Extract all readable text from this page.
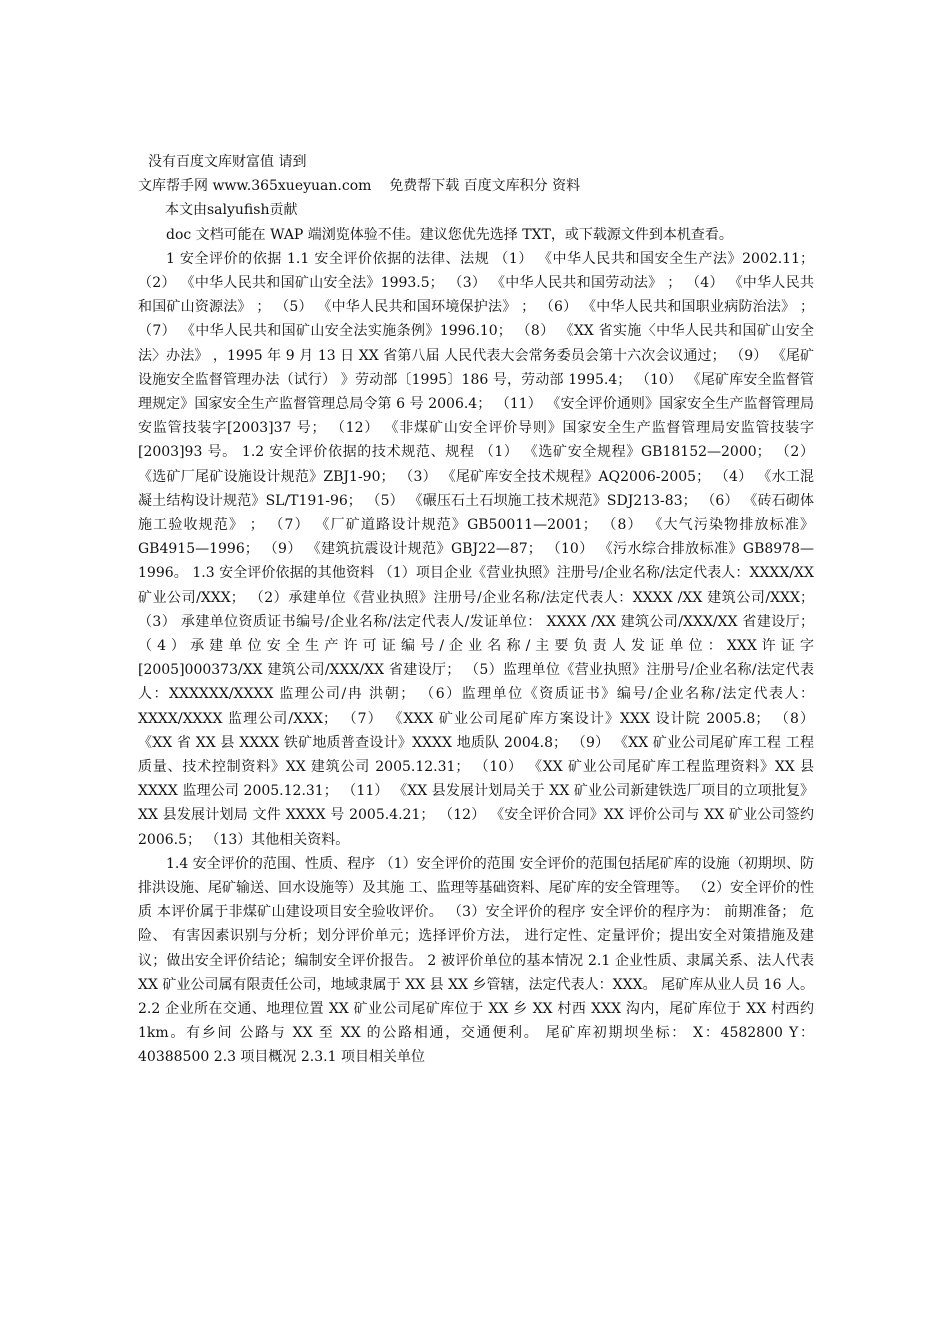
没有百度文库财富值 请到
文库帮手网 www.365xueyuan.com    免费帮下载 百度文库积分 资料
本文由salyufish贡献

doc 文档可能在 WAP 端浏览体验不佳。建议您优先选择 TXT，或下载源文件到本机查看。

1 安全评价的依据 1.1 安全评价依据的法律、法规 （1） 《中华人民共和国安全生产法》2002.11； （2） 《中华人民共和国矿山安全法》1993.5； （3） 《中华人民共和国劳动法》 ； （4） 《中华人民共和国矿山资源法》 ； （5） 《中华人民共和国环境保护法》 ； （6） 《中华人民共和国职业病防治法》 ； （7） 《中华人民共和国矿山安全法实施条例》1996.10； （8） 《XX 省实施〈中华人民共和国矿山安全法〉办法》 ，1995 年 9 月 13 日 XX 省第八届 人民代表大会常务委员会第十六次会议通过； （9） 《尾矿设施安全监督管理办法（试行） 》劳动部〔1995〕186 号，劳动部 1995.4； （10） 《尾矿库安全监督管理规定》国家安全生产监督管理总局令第 6 号 2006.4； （11） 《安全评价通则》国家安全生产监督管理局安监管技装字[2003]37 号； （12） 《非煤矿山安全评价导则》国家安全生产监督管理局安监管技装字[2003]93 号。 1.2 安全评价依据的技术规范、规程 （1） 《选矿安全规程》GB18152—2000； （2） 《选矿厂尾矿设施设计规范》ZBJ1-90； （3） 《尾矿库安全技术规程》AQ2006-2005； （4） 《水工混凝土结构设计规范》SL/T191-96； （5） 《碾压石土石坝施工技术规范》SDJ213-83； （6） 《砖石砌体施工验收规范》 ； （7） 《厂矿道路设计规范》GB50011—2001； （8） 《大气污染物排放标准》GB4915—1996； （9） 《建筑抗震设计规范》GBJ22—87； （10） 《污水综合排放标准》GB8978—1996。 1.3 安全评价依据的其他资料 （1）项目企业《营业执照》注册号/企业名称/法定代表人：XXXX/XX 矿业公司/XXX； （2）承建单位《营业执照》注册号/企业名称/法定代表人：XXXX /XX 建筑公司/XXX； （3） 承建单位资质证书编号/企业名称/法定代表人/发证单位： XXXX /XX 建筑公司/XXX/XX 省建设厅； （ 4 ） 承 建 单 位 安 全 生 产 许 可 证 编 号 / 企 业 名 称 / 主 要 负 责 人 发 证 单 位 ： XXX 许 证 字 [2005]000373/XX 建筑公司/XXX/XX 省建设厅； （5）监理单位《营业执照》注册号/企业名称/法定代表人：XXXXXX/XXXX 监理公司/冉 洪朝； （6）监理单位《资质证书》编号/企业名称/法定代表人：XXXX/XXXX 监理公司/XXX； （7） 《XXX 矿业公司尾矿库方案设计》XXX 设计院 2005.8； （8） 《XX 省 XX 县 XXXX 铁矿地质普查设计》XXXX 地质队 2004.8； （9） 《XX 矿业公司尾矿库工程 工程质量、技术控制资料》XX 建筑公司 2005.12.31； （10） 《XX 矿业公司尾矿库工程监理资料》XX 县 XXXX 监理公司 2005.12.31； （11） 《XX 县发展计划局关于 XX 矿业公司新建铁选厂项目的立项批复》XX 县发展计划局 文件 XXXX 号 2005.4.21； （12） 《安全评价合同》XX 评价公司与 XX 矿业公司签约 2006.5； （13）其他相关资料。

1.4 安全评价的范围、性质、程序 （1）安全评价的范围 安全评价的范围包括尾矿库的设施（初期坝、防排洪设施、尾矿输送、回水设施等）及其施 工、监理等基础资料、尾矿库的安全管理等。 （2）安全评价的性质 本评价属于非煤矿山建设项目安全验收评价。 （3）安全评价的程序 安全评价的程序为： 前期准备； 危险、 有害因素识别与分析；划分评价单元；选择评价方法， 进行定性、定量评价；提出安全对策措施及建议；做出安全评价结论；编制安全评价报告。 2 被评价单位的基本情况 2.1 企业性质、隶属关系、法人代表 XX 矿业公司属有限责任公司，地域隶属于 XX 县 XX 乡管辖，法定代表人：XXX。 尾矿库从业人员 16 人。 2.2 企业所在交通、地理位置 XX 矿业公司尾矿库位于 XX 乡 XX 村西 XXX 沟内，尾矿库位于 XX 村西约 1km。有乡间 公路与 XX 至 XX 的公路相通，交通便利。 尾矿库初期坝坐标： X：4582800 Y：40388500 2.3 项目概况 2.3.1 项目相关单位
